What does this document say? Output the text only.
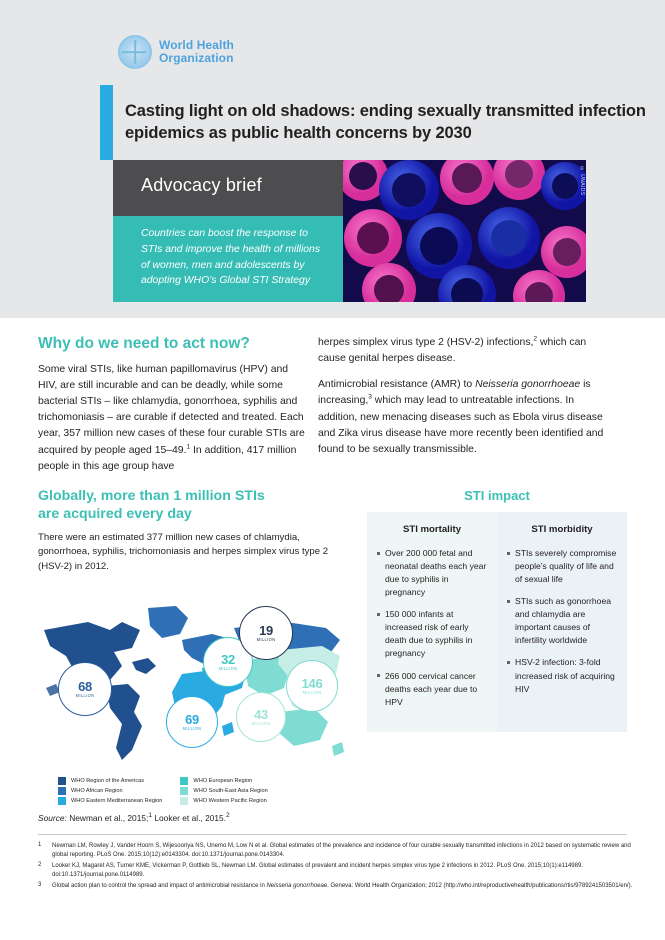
World Health
Organization
Casting light on old shadows: ending sexually transmitted infection epidemics as public health concerns by 2030
Advocacy brief

Countries can boost the response to STIs and improve the health of millions of women, men and adolescents by adopting WHO’s Global STI Strategy

© UNAIDS
Why do we need to act now?

Some viral STIs, like human papillomavirus (HPV) and HIV, are still incurable and can be deadly, while some bacterial STIs – like chlamydia, gonorrhoea, syphilis and trichomoniasis – are curable if detected and treated. Each year, 357 million new cases of these four curable STIs are acquired by people aged 15–49.$^1$ In addition, 417 million people in this age group have

herpes simplex virus type 2 (HSV-2) infections,$^2$ which can cause genital herpes disease.

Antimicrobial resistance (AMR) to Neisseria gonorrhoeae is increasing,$^3$ which may lead to untreatable infections. In addition, new menacing diseases such as Ebola virus disease and Zika virus disease have more recently been identified and found to be sexually transmissible.

Globally, more than 1 million STIs
are acquired every day

There were an estimated 377 million new cases of chlamydia, gonorrhoea, syphilis, trichomoniasis and herpes simplex virus type 2 (HSV-2) in 2012.

68
MILLION
32
MILLION
19
MILLION
43
MILLION
69
MILLION
146
MILLION
WHO Region of the Americas
WHO African Region
WHO Eastern Mediterranean Region
WHO European Region
WHO South-East Asia Region
WHO Western Pacific Region
Source: Newman et al., 2015;$^1$ Looker et al., 2015.$^2$
STI impact
STI mortality
Over 200 000 fetal and neonatal deaths each year due to syphilis in pregnancy
150 000 infants at increased risk of early death due to syphilis in pregnancy
266 000 cervical cancer deaths each year due to HPV
STI morbidity
STIs severely compromise people’s quality of life and of sexual life
STIs such as gonorrhoea and chlamydia are important causes of infertility worldwide
HSV-2 infection: 3-fold increased risk of acquiring HIV
1	Newman LM, Rowley J, Vander Hoorn S, Wijesooriya NS, Unemo M, Low N et al. Global estimates of the prevalence and incidence of four curable sexually transmitted infections in 2012 based on systematic review and global reporting. PLoS One. 2015;10(12):e0143304. doi:10.1371/journal.pone.0143304.
2	Looker KJ, Magaret AS, Turner KME, Vickerman P, Gottlieb SL, Newman LM. Global estimates of prevalent and incident herpes simplex virus type 2 infections in 2012. PLoS One. 2015;10(1):e114989. doi:10.1371/journal.pone.0114989.
3	Global action plan to control the spread and impact of antimicrobial resistance in Neisseria gonorrhoeae. Geneva: World Health Organization; 2012 (http://who.int/reproductivehealth/publications/rtis/9789241503501/en/).
